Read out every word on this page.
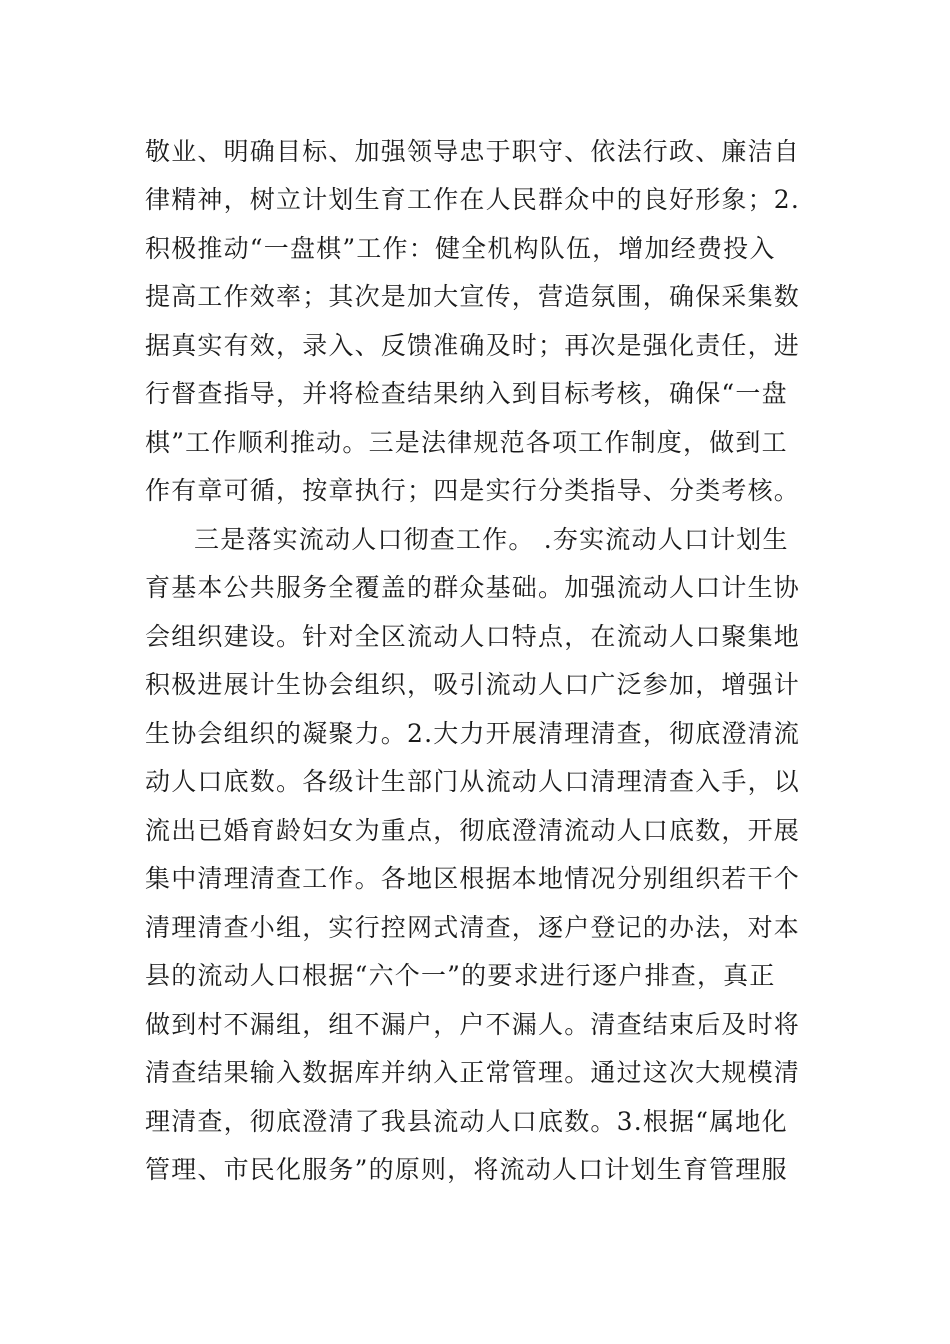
敬业、明确目标、加强领导忠于职守、依法行政、廉洁自
律精神，树立计划生育工作在人民群众中的良好形象；2.
积极推动“一盘棋”工作：健全机构队伍，增加经费投入
提高工作效率；其次是加大宣传，营造氛围，确保采集数
据真实有效，录入、反馈准确及时；再次是强化责任，进
行督查指导，并将检查结果纳入到目标考核，确保“一盘
棋”工作顺利推动。三是法律规范各项工作制度，做到工
作有章可循，按章执行；四是实行分类指导、分类考核。
三是落实流动人口彻查工作。 .夯实流动人口计划生
育基本公共服务全覆盖的群众基础。加强流动人口计生协
会组织建设。针对全区流动人口特点，在流动人口聚集地
积极进展计生协会组织，吸引流动人口广泛参加，增强计
生协会组织的凝聚力。2.大力开展清理清查，彻底澄清流
动人口底数。各级计生部门从流动人口清理清查入手，以
流出已婚育龄妇女为重点，彻底澄清流动人口底数，开展
集中清理清查工作。各地区根据本地情况分别组织若干个
清理清查小组，实行控网式清查，逐户登记的办法，对本
县的流动人口根据“六个一”的要求进行逐户排查，真正
做到村不漏组，组不漏户，户不漏人。清查结束后及时将
清查结果输入数据库并纳入正常管理。通过这次大规模清
理清查，彻底澄清了我县流动人口底数。3.根据“属地化
管理、市民化服务”的原则，将流动人口计划生育管理服
